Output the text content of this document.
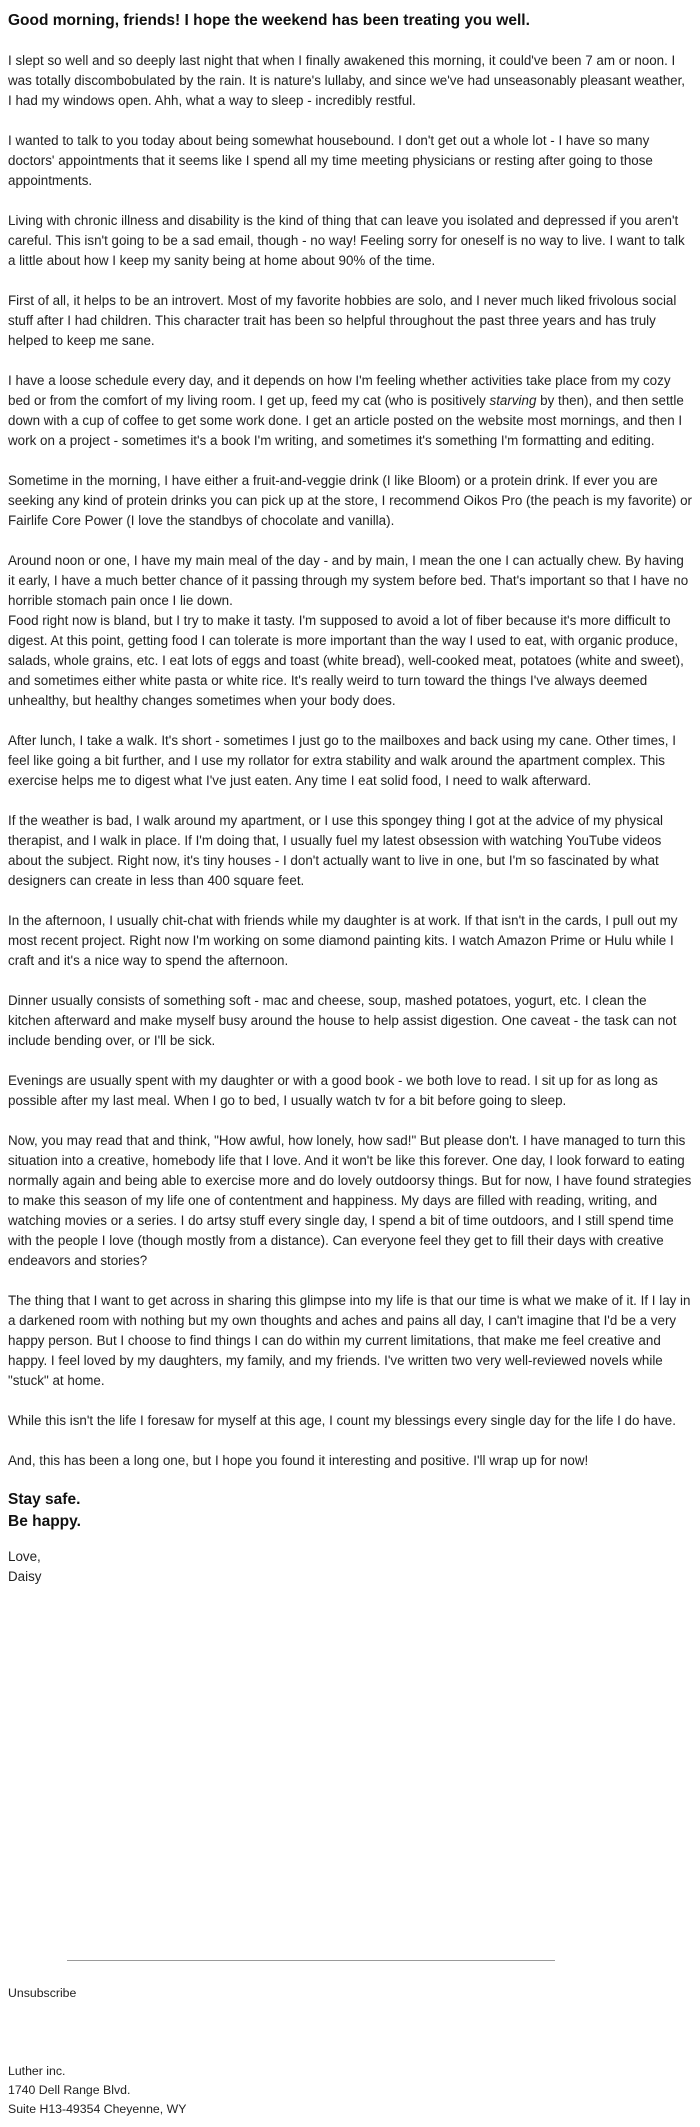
Good morning, friends! I hope the weekend has been treating you well.

I slept so well and so deeply last night that when I finally awakened this morning, it could've been 7 am or noon. I was totally discombobulated by the rain. It is nature's lullaby, and since we've had unseasonably pleasant weather, I had my windows open. Ahh, what a way to sleep - incredibly restful.

I wanted to talk to you today about being somewhat housebound. I don't get out a whole lot - I have so many doctors' appointments that it seems like I spend all my time meeting physicians or resting after going to those appointments.

Living with chronic illness and disability is the kind of thing that can leave you isolated and depressed if you aren't careful. This isn't going to be a sad email, though - no way! Feeling sorry for oneself is no way to live. I want to talk a little about how I keep my sanity being at home about 90% of the time.

First of all, it helps to be an introvert. Most of my favorite hobbies are solo, and I never much liked frivolous social stuff after I had children. This character trait has been so helpful throughout the past three years and has truly helped to keep me sane.

I have a loose schedule every day, and it depends on how I'm feeling whether activities take place from my cozy bed or from the comfort of my living room. I get up, feed my cat (who is positively starving by then), and then settle down with a cup of coffee to get some work done. I get an article posted on the website most mornings, and then I work on a project - sometimes it's a book I'm writing, and sometimes it's something I'm formatting and editing.

Sometime in the morning, I have either a fruit-and-veggie drink (I like Bloom) or a protein drink. If ever you are seeking any kind of protein drinks you can pick up at the store, I recommend Oikos Pro (the peach is my favorite) or Fairlife Core Power (I love the standbys of chocolate and vanilla).

Around noon or one, I have my main meal of the day - and by main, I mean the one I can actually chew. By having it early, I have a much better chance of it passing through my system before bed. That's important so that I have no horrible stomach pain once I lie down.

Food right now is bland, but I try to make it tasty. I'm supposed to avoid a lot of fiber because it's more difficult to digest. At this point, getting food I can tolerate is more important than the way I used to eat, with organic produce, salads, whole grains, etc. I eat lots of eggs and toast (white bread), well-cooked meat, potatoes (white and sweet), and sometimes either white pasta or white rice. It's really weird to turn toward the things I've always deemed unhealthy, but healthy changes sometimes when your body does.

After lunch, I take a walk. It's short - sometimes I just go to the mailboxes and back using my cane. Other times, I feel like going a bit further, and I use my rollator for extra stability and walk around the apartment complex. This exercise helps me to digest what I've just eaten. Any time I eat solid food, I need to walk afterward.

If the weather is bad, I walk around my apartment, or I use this spongey thing I got at the advice of my physical therapist, and I walk in place. If I'm doing that, I usually fuel my latest obsession with watching YouTube videos about the subject. Right now, it's tiny houses - I don't actually want to live in one, but I'm so fascinated by what designers can create in less than 400 square feet.

In the afternoon, I usually chit-chat with friends while my daughter is at work. If that isn't in the cards, I pull out my most recent project. Right now I'm working on some diamond painting kits. I watch Amazon Prime or Hulu while I craft and it's a nice way to spend the afternoon.

Dinner usually consists of something soft - mac and cheese, soup, mashed potatoes, yogurt, etc. I clean the kitchen afterward and make myself busy around the house to help assist digestion. One caveat - the task can not include bending over, or I'll be sick.

Evenings are usually spent with my daughter or with a good book - we both love to read. I sit up for as long as possible after my last meal. When I go to bed, I usually watch tv for a bit before going to sleep.

Now, you may read that and think, "How awful, how lonely, how sad!" But please don't. I have managed to turn this situation into a creative, homebody life that I love. And it won't be like this forever. One day, I look forward to eating normally again and being able to exercise more and do lovely outdoorsy things. But for now, I have found strategies to make this season of my life one of contentment and happiness. My days are filled with reading, writing, and watching movies or a series. I do artsy stuff every single day, I spend a bit of time outdoors, and I still spend time with the people I love (though mostly from a distance). Can everyone feel they get to fill their days with creative endeavors and stories?

The thing that I want to get across in sharing this glimpse into my life is that our time is what we make of it. If I lay in a darkened room with nothing but my own thoughts and aches and pains all day, I can't imagine that I'd be a very happy person. But I choose to find things I can do within my current limitations, that make me feel creative and happy. I feel loved by my daughters, my family, and my friends. I've written two very well-reviewed novels while "stuck" at home.

While this isn't the life I foresaw for myself at this age, I count my blessings every single day for the life I do have.

And, this has been a long one, but I hope you found it interesting and positive. I'll wrap up for now!

Stay safe.
Be happy.
Love,
Daisy
Unsubscribe
Luther inc.
1740 Dell Range Blvd.
Suite H13-49354 Cheyenne, WY
